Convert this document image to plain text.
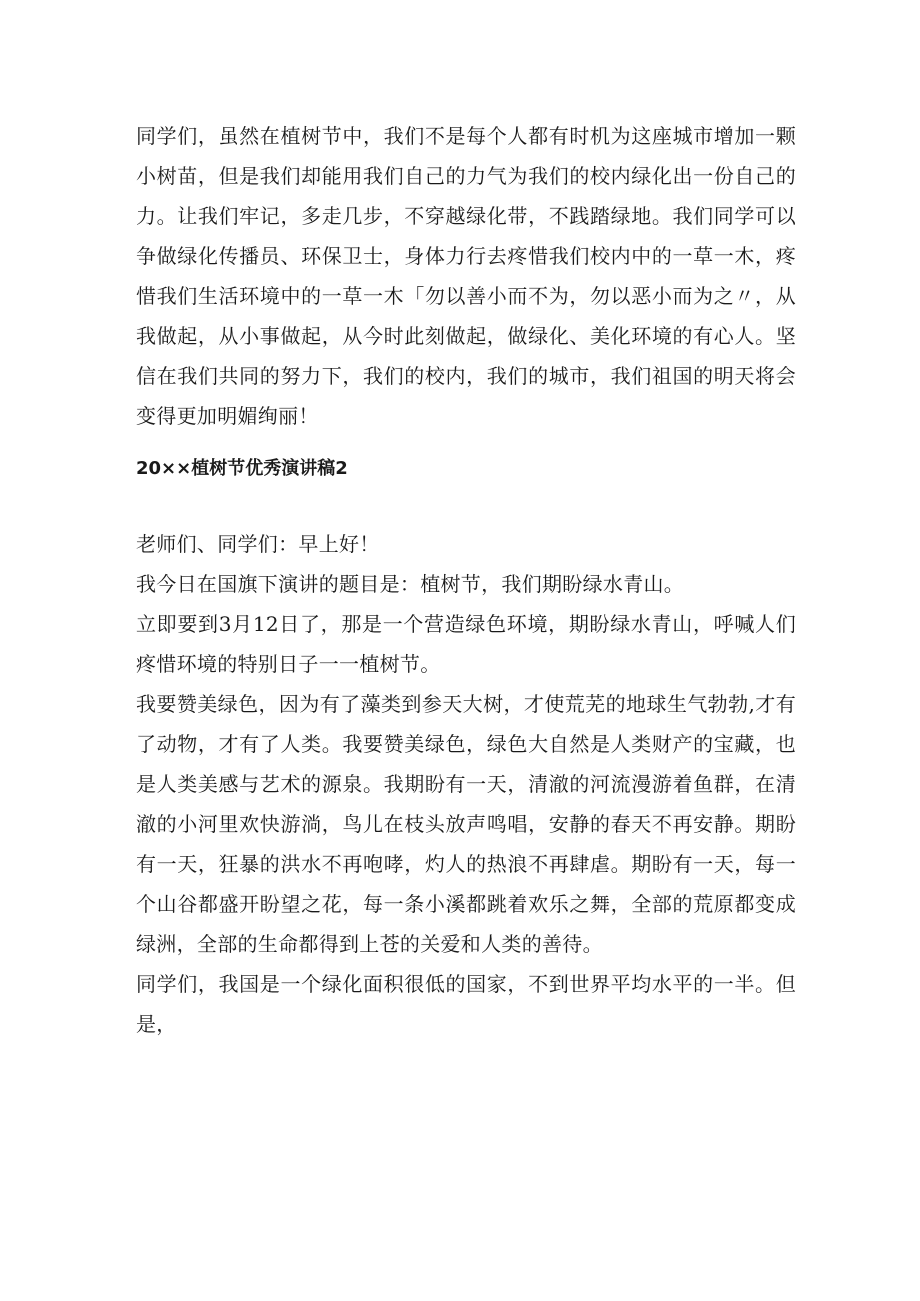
同学们，虽然在植树节中，我们不是每个人都有时机为这座城市增加一颗小树苗，但是我们却能用我们自己的力气为我们的校内绿化出一份自己的力。让我们牢记，多走几步，不穿越绿化带，不践踏绿地。我们同学可以争做绿化传播员、环保卫士，身体力行去疼惜我们校内中的一草一木，疼惜我们生活环境中的一草一木「勿以善小而不为，勿以恶小而为之〃，从我做起，从小事做起，从今时此刻做起，做绿化、美化环境的有心人。坚信在我们共同的努力下，我们的校内，我们的城市，我们祖国的明天将会变得更加明媚绚丽！

20××植树节优秀演讲稿2

老师们、同学们：早上好！

我今日在国旗下演讲的题目是：植树节，我们期盼绿水青山。

立即要到3月12日了，那是一个营造绿色环境，期盼绿水青山，呼喊人们疼惜环境的特别日子一一植树节。

我要赞美绿色，因为有了藻类到参天大树，才使荒芜的地球生气勃勃,才有了动物，才有了人类。我要赞美绿色，绿色大自然是人类财产的宝藏，也是人类美感与艺术的源泉。我期盼有一天，清澈的河流漫游着鱼群，在清澈的小河里欢快游淌，鸟儿在枝头放声鸣唱，安静的春天不再安静。期盼有一天，狂暴的洪水不再咆哮，灼人的热浪不再肆虐。期盼有一天，每一个山谷都盛开盼望之花，每一条小溪都跳着欢乐之舞，全部的荒原都变成绿洲，全部的生命都得到上苍的关爱和人类的善待。

同学们，我国是一个绿化面积很低的国家，不到世界平均水平的一半。但是，
